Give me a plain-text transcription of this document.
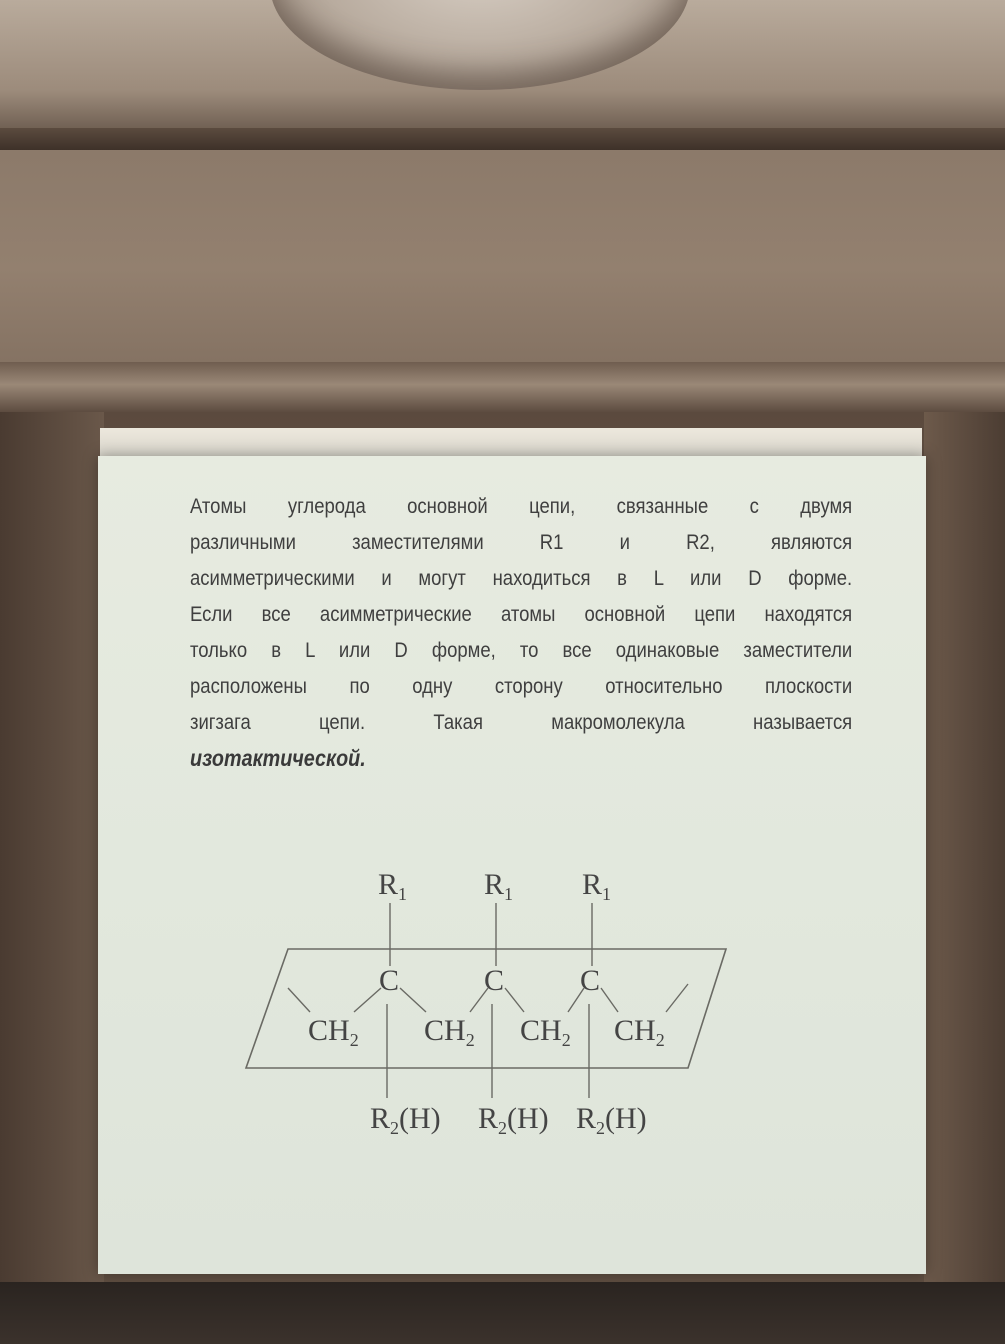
Атомы углерода основной цепи, связанные с двумя
различными заместителями R1 и R2, являются
асимметрическими и могут находиться в L или D форме.
Если все асимметрические атомы основной цепи находятся
только в L или D форме, то все одинаковые заместители
расположены по одну сторону относительно плоскости
зигзага цепи. Такая макромолекула называется
изотактической.
$R_1$	$R_1$ $R_1$
C	C	C
$CH_2$ $CH_2$ $CH_2$ $CH_2$
$R_2(H)$ $R_2(H)$ $R_2(H)$
